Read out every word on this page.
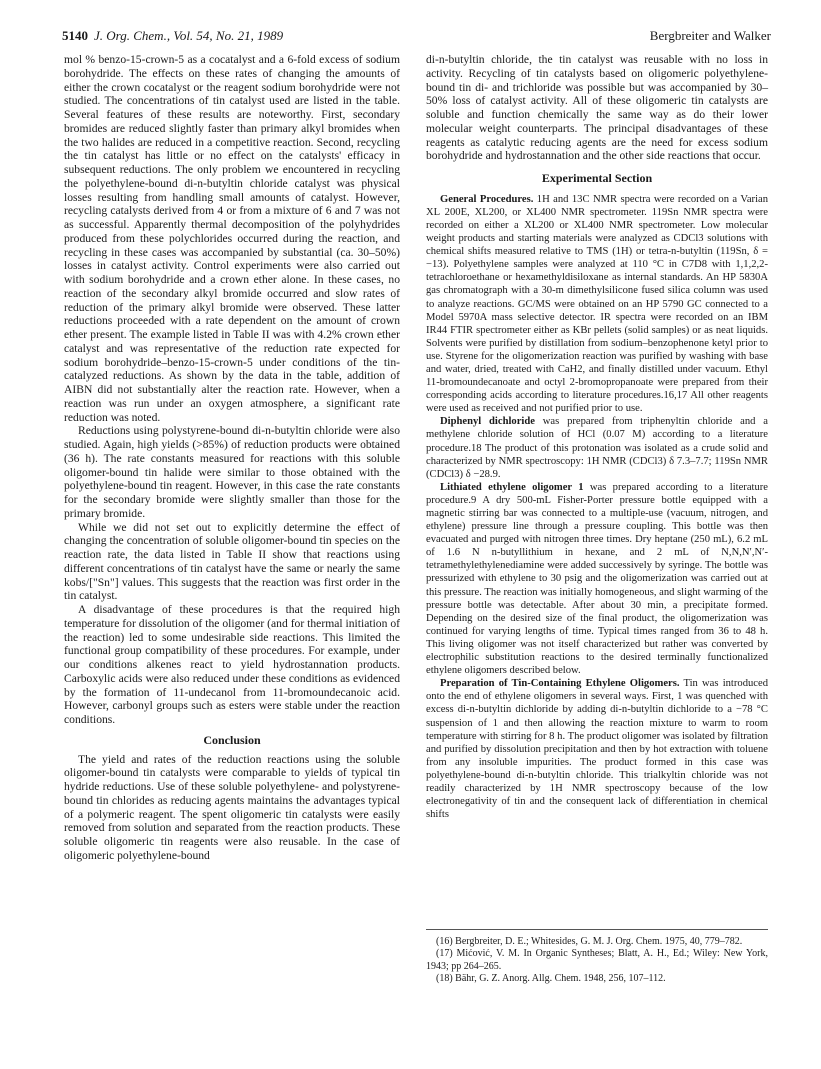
5140 J. Org. Chem., Vol. 54, No. 21, 1989	Bergbreiter and Walker

mol % benzo-15-crown-5 as a cocatalyst and a 6-fold excess of sodium borohydride. The effects on these rates of changing the amounts of either the crown cocatalyst or the reagent sodium borohydride were not studied. The concentrations of tin catalyst used are listed in the table. Several features of these results are noteworthy. First, secondary bromides are reduced slightly faster than primary alkyl bromides when the two halides are reduced in a competitive reaction. Second, recycling the tin catalyst has little or no effect on the catalysts' efficacy in subsequent reductions. The only problem we encountered in recycling the polyethylene-bound di-n-butyltin chloride catalyst was physical losses resulting from handling small amounts of catalyst. However, recycling catalysts derived from 4 or from a mixture of 6 and 7 was not as successful. Apparently thermal decomposition of the polyhydrides produced from these polychlorides occurred during the reaction, and recycling in these cases was accompanied by substantial (ca. 30–50%) losses in catalyst activity. Control experiments were also carried out with sodium borohydride and a crown ether alone. In these cases, no reaction of the secondary alkyl bromide occurred and slow rates of reduction of the primary alkyl bromide were observed. These latter reductions proceeded with a rate dependent on the amount of crown ether present. The example listed in Table II was with 4.2% crown ether catalyst and was representative of the reduction rate expected for sodium borohydride–benzo-15-crown-5 under conditions of the tin-catalyzed reductions. As shown by the data in the table, addition of AIBN did not substantially alter the reaction rate. However, when a reaction was run under an oxygen atmosphere, a significant rate reduction was noted.

Reductions using polystyrene-bound di-n-butyltin chloride were also studied. Again, high yields (>85%) of reduction products were obtained (36 h). The rate constants measured for reactions with this soluble oligomer-bound tin halide were similar to those obtained with the polyethylene-bound tin reagent. However, in this case the rate constants for the secondary bromide were slightly smaller than those for the primary bromide.

While we did not set out to explicitly determine the effect of changing the concentration of soluble oligomer-bound tin species on the reaction rate, the data listed in Table II show that reactions using different concentrations of tin catalyst have the same or nearly the same kobs/["Sn"] values. This suggests that the reaction was first order in the tin catalyst.

A disadvantage of these procedures is that the required high temperature for dissolution of the oligomer (and for thermal initiation of the reaction) led to some undesirable side reactions. This limited the functional group compatibility of these procedures. For example, under our conditions alkenes react to yield hydrostannation products. Carboxylic acids were also reduced under these conditions as evidenced by the formation of 11-undecanol from 11-bromoundecanoic acid. However, carbonyl groups such as esters were stable under the reaction conditions.

Conclusion

The yield and rates of the reduction reactions using the soluble oligomer-bound tin catalysts were comparable to yields of typical tin hydride reductions. Use of these soluble polyethylene- and polystyrene-bound tin chlorides as reducing agents maintains the advantages typical of a polymeric reagent. The spent oligomeric tin catalysts were easily removed from solution and separated from the reaction products. These soluble oligomeric tin reagents were also reusable. In the case of oligomeric polyethylene-bound

di-n-butyltin chloride, the tin catalyst was reusable with no loss in activity. Recycling of tin catalysts based on oligomeric polyethylene-bound tin di- and trichloride was possible but was accompanied by 30–50% loss of catalyst activity. All of these oligomeric tin catalysts are soluble and function chemically the same way as do their lower molecular weight counterparts. The principal disadvantages of these reagents as catalytic reducing agents are the need for excess sodium borohydride and hydrostannation and the other side reactions that occur.

Experimental Section

General Procedures. 1H and 13C NMR spectra were recorded on a Varian XL 200E, XL200, or XL400 NMR spectrometer. 119Sn NMR spectra were recorded on either a XL200 or XL400 NMR spectrometer. Low molecular weight products and starting materials were analyzed as CDCl3 solutions with chemical shifts measured relative to TMS (1H) or tetra-n-butyltin (119Sn, δ = −13). Polyethylene samples were analyzed at 110 °C in C7D8 with 1,1,2,2-tetrachloroethane or hexamethyldisiloxane as internal standards. An HP 5830A gas chromatograph with a 30-m dimethylsilicone fused silica column was used to analyze reactions. GC/MS were obtained on an HP 5790 GC connected to a Model 5970A mass selective detector. IR spectra were recorded on an IBM IR44 FTIR spectrometer either as KBr pellets (solid samples) or as neat liquids. Solvents were purified by distillation from sodium–benzophenone ketyl prior to use. Styrene for the oligomerization reaction was purified by washing with base and water, dried, treated with CaH2, and finally distilled under vacuum. Ethyl 11-bromoundecanoate and octyl 2-bromopropanoate were prepared from their corresponding acids according to literature procedures.16,17 All other reagents were used as received and not purified prior to use.

Diphenyl dichloride was prepared from triphenyltin chloride and a methylene chloride solution of HCl (0.07 M) according to a literature procedure.18 The product of this protonation was isolated as a crude solid and characterized by NMR spectroscopy: 1H NMR (CDCl3) δ 7.3–7.7; 119Sn NMR (CDCl3) δ −28.9.

Lithiated ethylene oligomer 1 was prepared according to a literature procedure.9 A dry 500-mL Fisher-Porter pressure bottle equipped with a magnetic stirring bar was connected to a multiple-use (vacuum, nitrogen, and ethylene) pressure line through a pressure coupling. This bottle was then evacuated and purged with nitrogen three times. Dry heptane (250 mL), 6.2 mL of 1.6 N n-butyllithium in hexane, and 2 mL of N,N,N′,N′-tetramethylethylenediamine were added successively by syringe. The bottle was pressurized with ethylene to 30 psig and the oligomerization was carried out at this pressure. The reaction was initially homogeneous, and slight warming of the pressure bottle was detectable. After about 30 min, a precipitate formed. Depending on the desired size of the final product, the oligomerization was continued for varying lengths of time. Typical times ranged from 36 to 48 h. This living oligomer was not itself characterized but rather was converted by electrophilic substitution reactions to the desired terminally functionalized ethylene oligomers described below.

Preparation of Tin-Containing Ethylene Oligomers. Tin was introduced onto the end of ethylene oligomers in several ways. First, 1 was quenched with excess di-n-butyltin dichloride by adding di-n-butyltin dichloride to a −78 °C suspension of 1 and then allowing the reaction mixture to warm to room temperature with stirring for 8 h. The product oligomer was isolated by filtration and purified by dissolution precipitation and then by hot extraction with toluene from any insoluble impurities. The product formed in this case was polyethylene-bound di-n-butyltin chloride. This trialkyltin chloride was not readily characterized by 1H NMR spectroscopy because of the low electronegativity of tin and the consequent lack of differentiation in chemical shifts

(16) Bergbreiter, D. E.; Whitesides, G. M. J. Org. Chem. 1975, 40, 779–782.

(17) Mićović, V. M. In Organic Syntheses; Blatt, A. H., Ed.; Wiley: New York, 1943; pp 264–265.

(18) Bähr, G. Z. Anorg. Allg. Chem. 1948, 256, 107–112.
